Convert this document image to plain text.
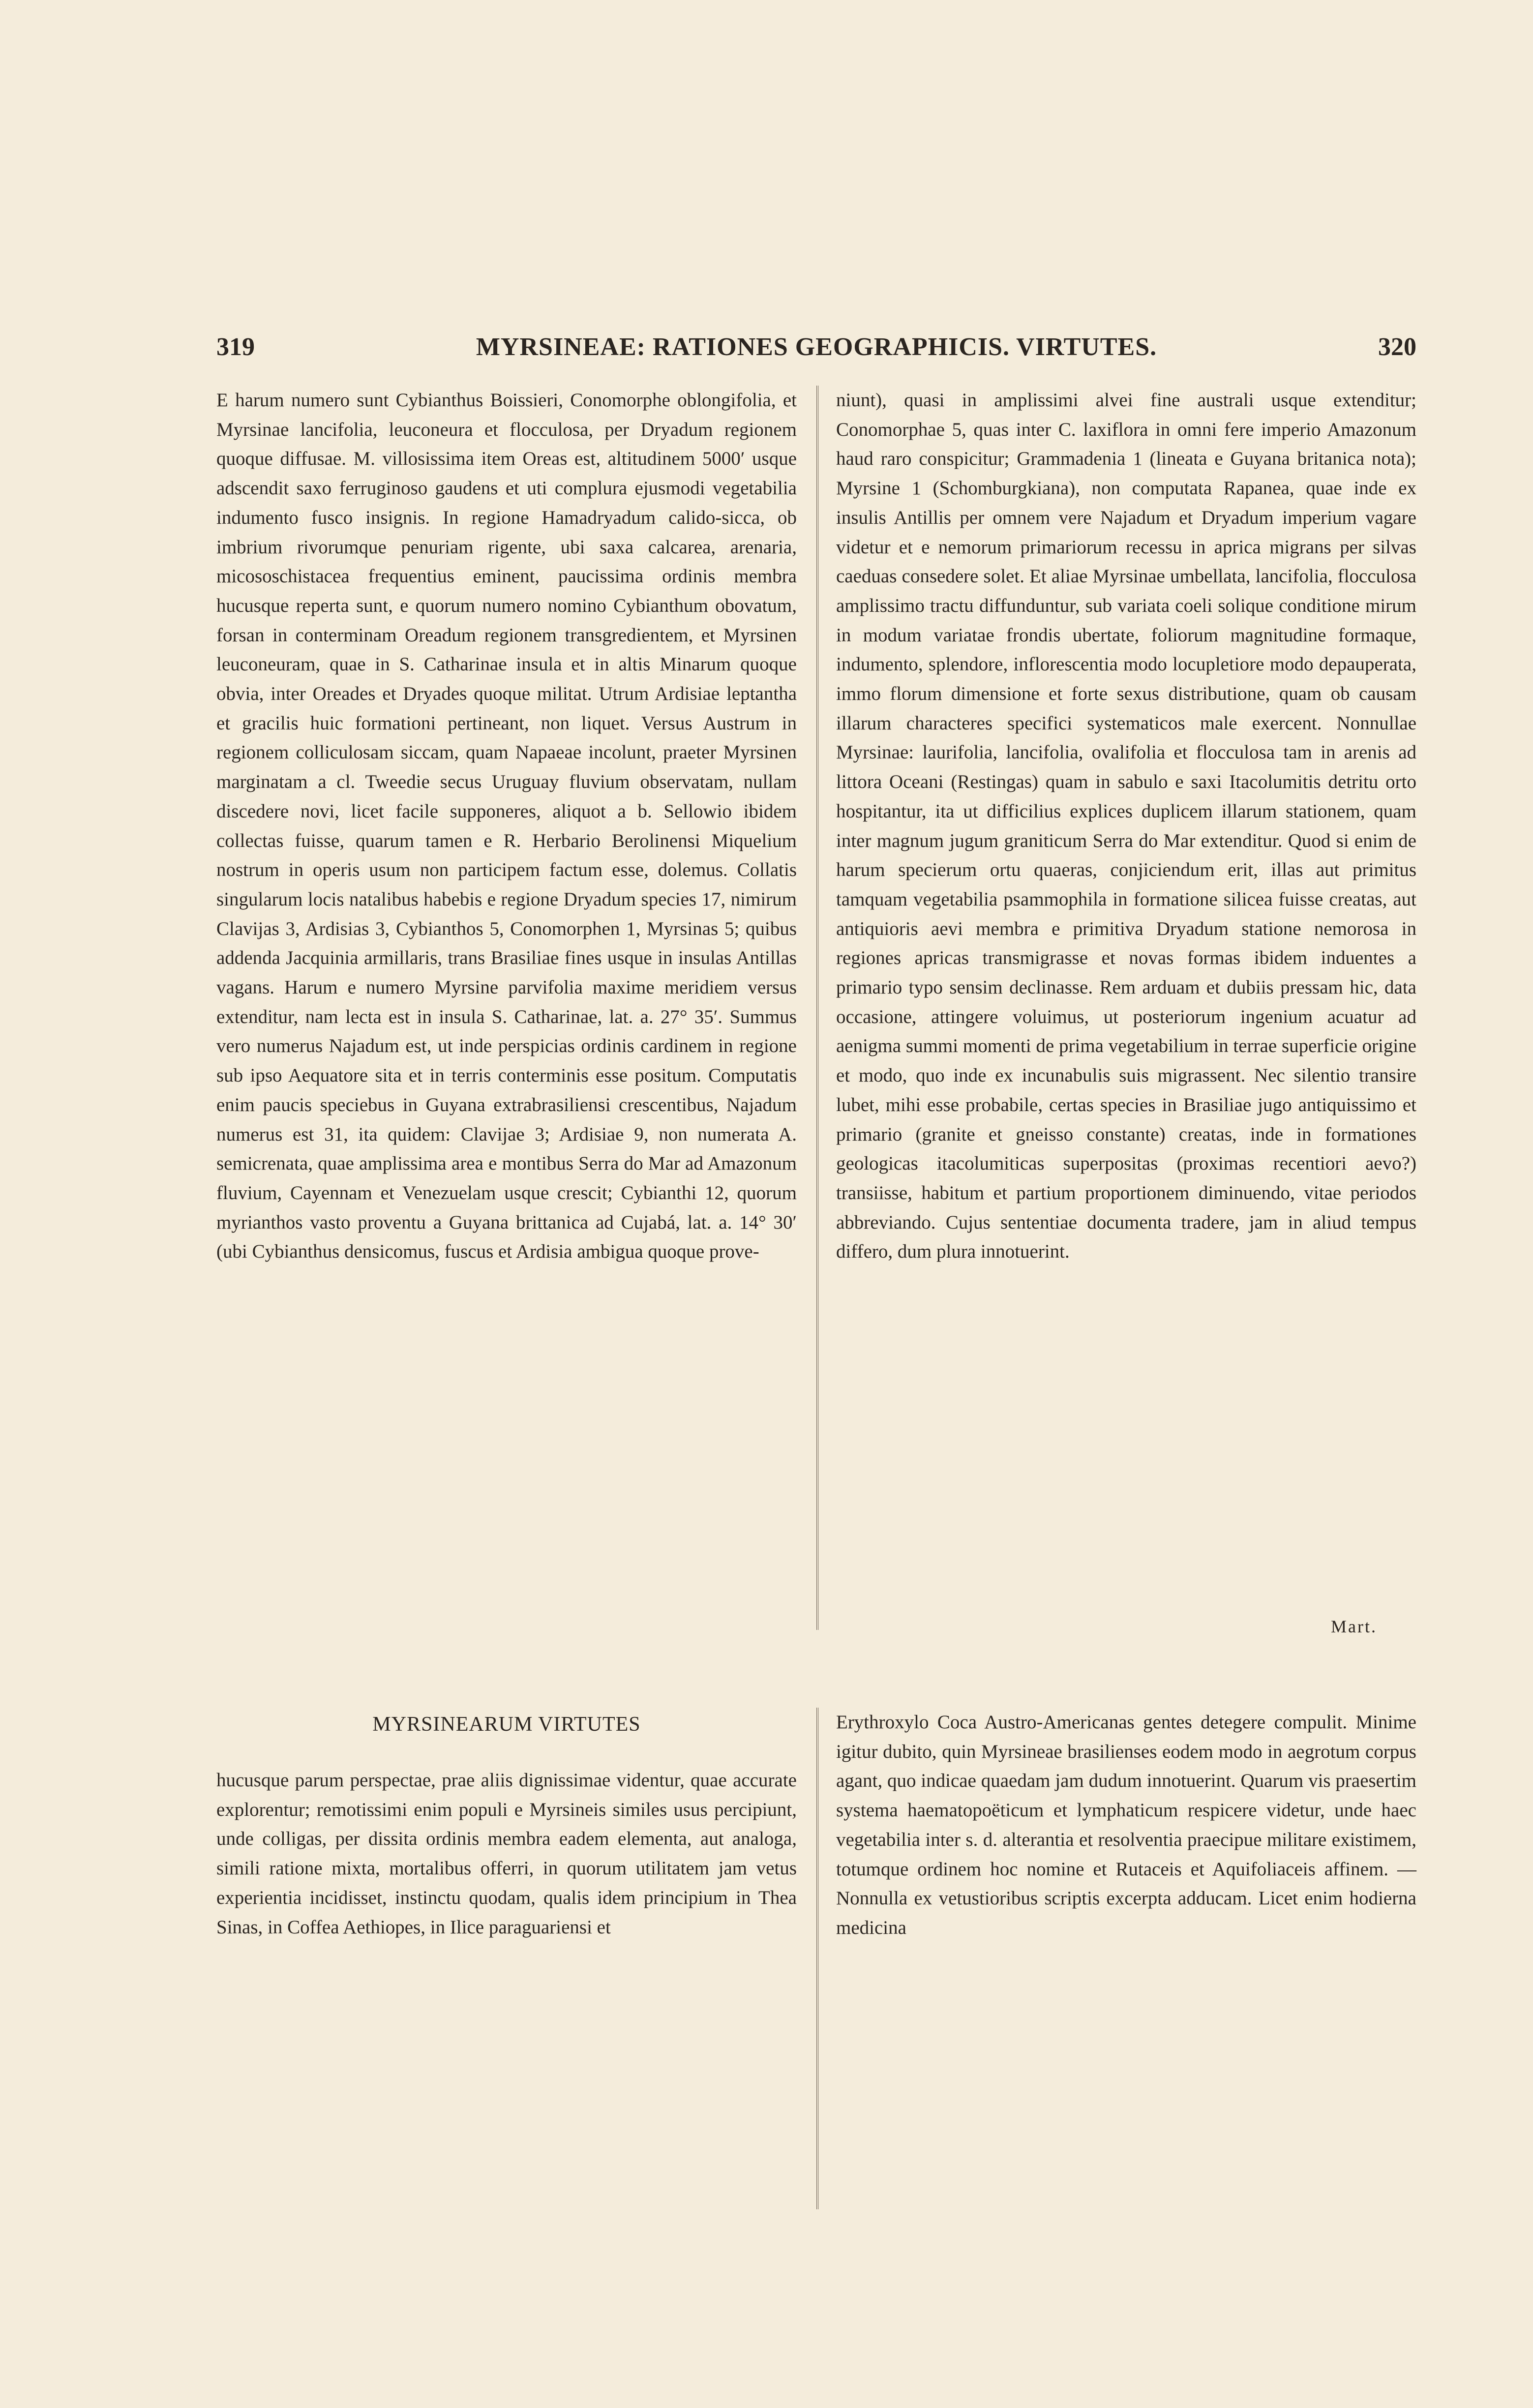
319	MYRSINEAE: RATIONES GEOGRAPHICIS. VIRTUTES.	320

E harum numero sunt Cybianthus Boissieri, Conomorphe oblongifolia, et Myrsinae lancifolia, leuconeura et flocculosa, per Dryadum regionem quoque diffusae. M. villosissima item Oreas est, altitudinem 5000′ usque adscendit saxo ferruginoso gaudens et uti complura ejusmodi vegetabilia indumento fusco insignis. In regione Hamadryadum calido-sicca, ob imbrium rivorumque penuriam rigente, ubi saxa calcarea, arenaria, micososchistacea frequentius eminent, paucissima ordinis membra hucusque reperta sunt, e quorum numero nomino Cybianthum obovatum, forsan in conterminam Oreadum regionem transgredientem, et Myrsinen leuconeuram, quae in S. Catharinae insula et in altis Minarum quoque obvia, inter Oreades et Dryades quoque militat. Utrum Ardisiae leptantha et gracilis huic formationi pertineant, non liquet. Versus Austrum in regionem colliculosam siccam, quam Napaeae incolunt, praeter Myrsinen marginatam a cl. Tweedie secus Uruguay fluvium observatam, nullam discedere novi, licet facile supponeres, aliquot a b. Sellowio ibidem collectas fuisse, quarum tamen e R. Herbario Berolinensi Miquelium nostrum in operis usum non participem factum esse, dolemus. Collatis singularum locis natalibus habebis e regione Dryadum species 17, nimirum Clavijas 3, Ardisias 3, Cybianthos 5, Conomorphen 1, Myrsinas 5; quibus addenda Jacquinia armillaris, trans Brasiliae fines usque in insulas Antillas vagans. Harum e numero Myrsine parvifolia maxime meridiem versus extenditur, nam lecta est in insula S. Catharinae, lat. a. 27° 35′. Summus vero numerus Najadum est, ut inde perspicias ordinis cardinem in regione sub ipso Aequatore sita et in terris conterminis esse positum. Computatis enim paucis speciebus in Guyana extrabrasiliensi crescentibus, Najadum numerus est 31, ita quidem: Clavijae 3; Ardisiae 9, non numerata A. semicrenata, quae amplissima area e montibus Serra do Mar ad Amazonum fluvium, Cayennam et Venezuelam usque crescit; Cybianthi 12, quorum myrianthos vasto proventu a Guyana brittanica ad Cujabá, lat. a. 14° 30′ (ubi Cybianthus densicomus, fuscus et Ardisia ambigua quoque prove-

niunt), quasi in amplissimi alvei fine australi usque extenditur; Conomorphae 5, quas inter C. laxiflora in omni fere imperio Amazonum haud raro conspicitur; Grammadenia 1 (lineata e Guyana britanica nota); Myrsine 1 (Schomburgkiana), non computata Rapanea, quae inde ex insulis Antillis per omnem vere Najadum et Dryadum imperium vagare videtur et e nemorum primariorum recessu in aprica migrans per silvas caeduas consedere solet. Et aliae Myrsinae umbellata, lancifolia, flocculosa amplissimo tractu diffunduntur, sub variata coeli solique conditione mirum in modum variatae frondis ubertate, foliorum magnitudine formaque, indumento, splendore, inflorescentia modo locupletiore modo depauperata, immo florum dimensione et forte sexus distributione, quam ob causam illarum characteres specifici systematicos male exercent. Nonnullae Myrsinae: laurifolia, lancifolia, ovalifolia et flocculosa tam in arenis ad littora Oceani (Restingas) quam in sabulo e saxi Itacolumitis detritu orto hospitantur, ita ut difficilius explices duplicem illarum stationem, quam inter magnum jugum graniticum Serra do Mar extenditur. Quod si enim de harum specierum ortu quaeras, conjiciendum erit, illas aut primitus tamquam vegetabilia psammophila in formatione silicea fuisse creatas, aut antiquioris aevi membra e primitiva Dryadum statione nemorosa in regiones apricas transmigrasse et novas formas ibidem induentes a primario typo sensim declinasse. Rem arduam et dubiis pressam hic, data occasione, attingere voluimus, ut posteriorum ingenium acuatur ad aenigma summi momenti de prima vegetabilium in terrae superficie origine et modo, quo inde ex incunabulis suis migrassent. Nec silentio transire lubet, mihi esse probabile, certas species in Brasiliae jugo antiquissimo et primario (granite et gneisso constante) creatas, inde in formationes geologicas itacolumiticas superpositas (proximas recentiori aevo?) transiisse, habitum et partium proportionem diminuendo, vitae periodos abbreviando. Cujus sententiae documenta tradere, jam in aliud tempus differo, dum plura innotuerint.

Mart.
MYRSINEARUM VIRTUTES

hucusque parum perspectae, prae aliis dignissimae videntur, quae accurate explorentur; remotissimi enim populi e Myrsineis similes usus percipiunt, unde colligas, per dissita ordinis membra eadem elementa, aut analoga, simili ratione mixta, mortalibus offerri, in quorum utilitatem jam vetus experientia incidisset, instinctu quodam, qualis idem principium in Thea Sinas, in Coffea Aethiopes, in Ilice paraguariensi et

Erythroxylo Coca Austro-Americanas gentes detegere compulit. Minime igitur dubito, quin Myrsineae brasilienses eodem modo in aegrotum corpus agant, quo indicae quaedam jam dudum innotuerint. Quarum vis praesertim systema haematopoëticum et lymphaticum respicere videtur, unde haec vegetabilia inter s. d. alterantia et resolventia praecipue militare existimem, totumque ordinem hoc nomine et Rutaceis et Aquifoliaceis affinem. — Nonnulla ex vetustioribus scriptis excerpta adducam. Licet enim hodierna medicina
